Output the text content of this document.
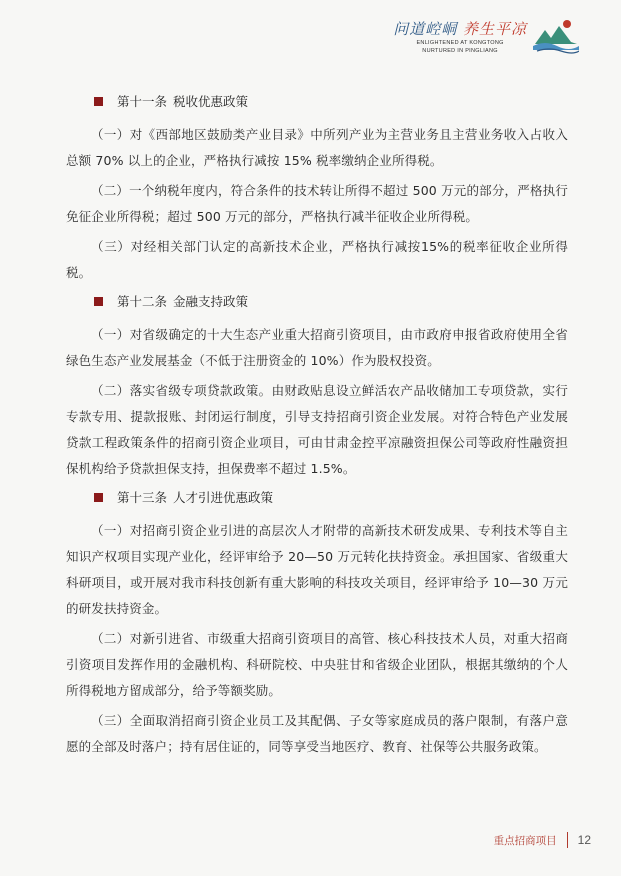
问道崆峒 养生平凉
ENLIGHTENED AT KONGTONG
NURTURED IN PINGLIANG
第十一条 税收优惠政策

（一）对《西部地区鼓励类产业目录》中所列产业为主营业务且主营业务收入占收入总额 70% 以上的企业，严格执行减按 15% 税率缴纳企业所得税。

（二）一个纳税年度内，符合条件的技术转让所得不超过 500 万元的部分，严格执行免征企业所得税；超过 500 万元的部分，严格执行减半征收企业所得税。

（三）对经相关部门认定的高新技术企业，严格执行减按15%的税率征收企业所得税。

第十二条 金融支持政策

（一）对省级确定的十大生态产业重大招商引资项目，由市政府申报省政府使用全省绿色生态产业发展基金（不低于注册资金的 10%）作为股权投资。

（二）落实省级专项贷款政策。由财政贴息设立鲜活农产品收储加工专项贷款，实行专款专用、提款报账、封闭运行制度，引导支持招商引资企业发展。对符合特色产业发展贷款工程政策条件的招商引资企业项目，可由甘肃金控平凉融资担保公司等政府性融资担保机构给予贷款担保支持，担保费率不超过 1.5%。

第十三条 人才引进优惠政策

（一）对招商引资企业引进的高层次人才附带的高新技术研发成果、专利技术等自主知识产权项目实现产业化，经评审给予 20—50 万元转化扶持资金。承担国家、省级重大科研项目，或开展对我市科技创新有重大影响的科技攻关项目，经评审给予 10—30 万元的研发扶持资金。

（二）对新引进省、市级重大招商引资项目的高管、核心科技技术人员，对重大招商引资项目发挥作用的金融机构、科研院校、中央驻甘和省级企业团队，根据其缴纳的个人所得税地方留成部分，给予等额奖励。

（三）全面取消招商引资企业员工及其配偶、子女等家庭成员的落户限制，有落户意愿的全部及时落户；持有居住证的，同等享受当地医疗、教育、社保等公共服务政策。

重点招商项目 12
